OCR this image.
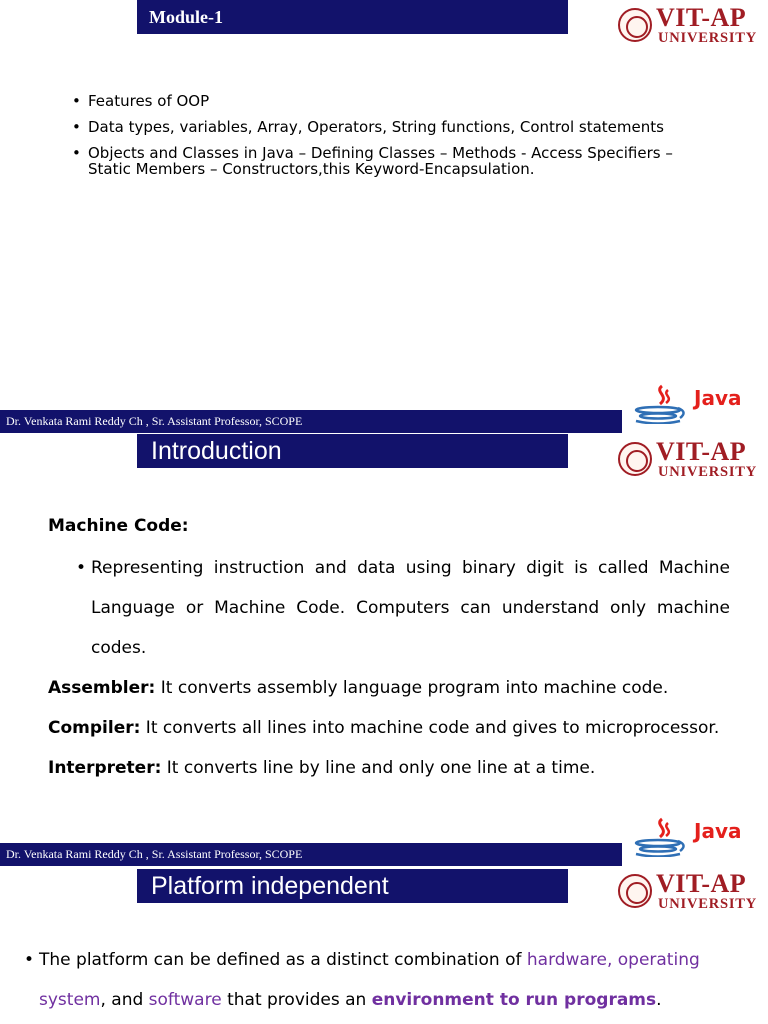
Module-1	VIT-AP
UNIVERSITY
• Features of OOP
• Data types, variables, Array, Operators, String functions, Control statements
• Objects and Classes in Java – Defining Classes – Methods - Access Specifiers – Static Members – Constructors,this Keyword-Encapsulation.
Dr. Venkata Rami Reddy Ch , Sr. Assistant Professor, SCOPE
Java
Introduction	VIT-AP
UNIVERSITY
Machine Code:
• Representing instruction and data using binary digit is called Machine Language or Machine Code. Computers can understand only machine codes.
Assembler: It converts assembly language program into machine code.
Compiler: It converts all lines into machine code and gives to microprocessor.
Interpreter: It converts line by line and only one line at a time.
Dr. Venkata Rami Reddy Ch , Sr. Assistant Professor, SCOPE
Java
Platform independent	VIT-AP
UNIVERSITY
• The platform can be defined as a distinct combination of hardware, operating system, and software that provides an environment to run programs.
